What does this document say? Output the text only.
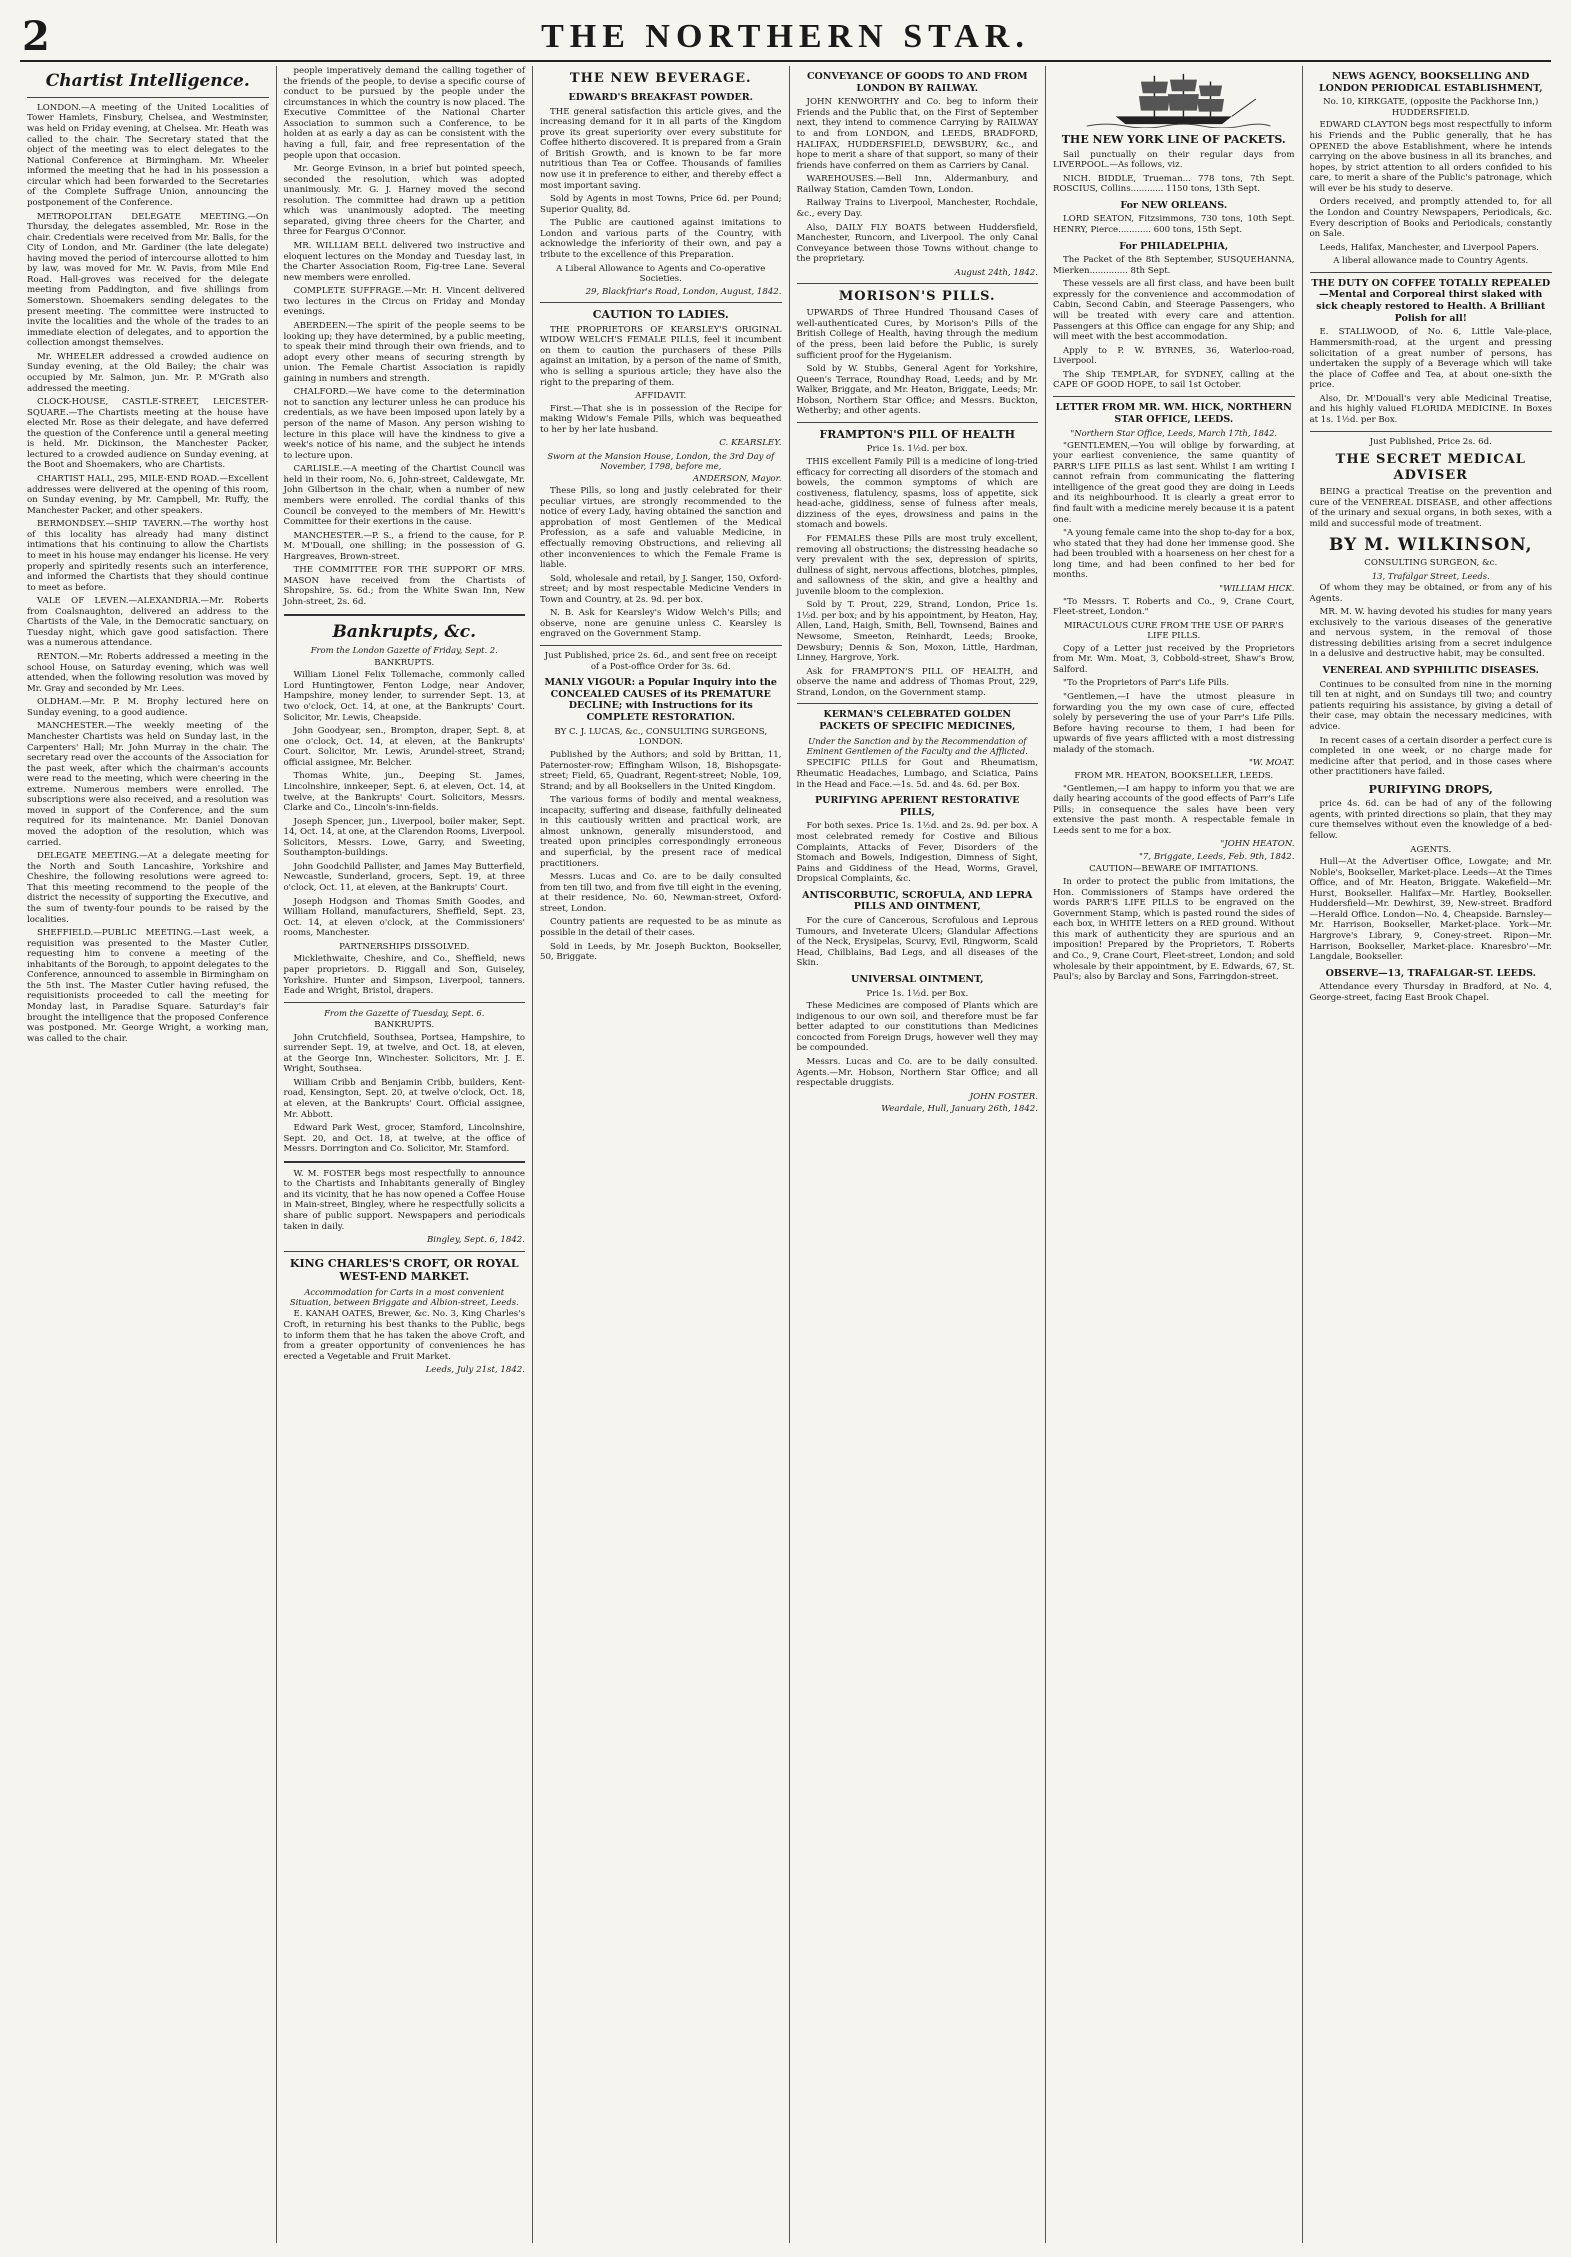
2	THE NORTHERN STAR.
Chartist Intelligence.

LONDON.—A meeting of the United Localities of Tower Hamlets, Finsbury, Chelsea, and Westminster, was held on Friday evening, at Chelsea. Mr. Heath was called to the chair. The Secretary stated that the object of the meeting was to elect delegates to the National Conference at Birmingham. Mr. Wheeler informed the meeting that he had in his possession a circular which had been forwarded to the Secretaries of the Complete Suffrage Union, announcing the postponement of the Conference.

METROPOLITAN DELEGATE MEETING.—On Thursday, the delegates assembled, Mr. Rose in the chair. Credentials were received from Mr. Balls, for the City of London, and Mr. Gardiner (the late delegate) having moved the period of intercourse allotted to him by law, was moved for Mr. W. Pavis, from Mile End Road. Hall-groves was received for the delegate meeting from Paddington, and five shillings from Somerstown. Shoemakers sending delegates to the present meeting. The committee were instructed to invite the localities and the whole of the trades to an immediate election of delegates, and to apportion the collection amongst themselves.

Mr. WHEELER addressed a crowded audience on Sunday evening, at the Old Bailey; the chair was occupied by Mr. Salmon, jun. Mr. P. M'Grath also addressed the meeting.

CLOCK-HOUSE, CASTLE-STREET, LEICESTER-SQUARE.—The Chartists meeting at the house have elected Mr. Rose as their delegate, and have deferred the question of the Conference until a general meeting is held. Mr. Dickinson, the Manchester Packer, lectured to a crowded audience on Sunday evening, at the Boot and Shoemakers, who are Chartists.

CHARTIST HALL, 295, MILE-END ROAD.—Excellent addresses were delivered at the opening of this room, on Sunday evening, by Mr. Campbell, Mr. Ruffy, the Manchester Packer, and other speakers.

BERMONDSEY.—SHIP TAVERN.—The worthy host of this locality has already had many distinct intimations that his continuing to allow the Chartists to meet in his house may endanger his license. He very properly and spiritedly resents such an interference, and informed the Chartists that they should continue to meet as before.

VALE OF LEVEN.—ALEXANDRIA.—Mr. Roberts from Coalsnaughton, delivered an address to the Chartists of the Vale, in the Democratic sanctuary, on Tuesday night, which gave good satisfaction. There was a numerous attendance.

RENTON.—Mr. Roberts addressed a meeting in the school House, on Saturday evening, which was well attended, when the following resolution was moved by Mr. Gray and seconded by Mr. Lees.

OLDHAM.—Mr. P. M. Brophy lectured here on Sunday evening, to a good audience.

MANCHESTER.—The weekly meeting of the Manchester Chartists was held on Sunday last, in the Carpenters' Hall; Mr. John Murray in the chair. The secretary read over the accounts of the Association for the past week, after which the chairman's accounts were read to the meeting, which were cheering in the extreme. Numerous members were enrolled. The subscriptions were also received, and a resolution was moved in support of the Conference, and the sum required for its maintenance. Mr. Daniel Donovan moved the adoption of the resolution, which was carried.

DELEGATE MEETING.—At a delegate meeting for the North and South Lancashire, Yorkshire and Cheshire, the following resolutions were agreed to: That this meeting recommend to the people of the district the necessity of supporting the Executive, and the sum of twenty-four pounds to be raised by the localities.

SHEFFIELD.—PUBLIC MEETING.—Last week, a requisition was presented to the Master Cutler, requesting him to convene a meeting of the inhabitants of the Borough, to appoint delegates to the Conference, announced to assemble in Birmingham on the 5th inst. The Master Cutler having refused, the requisitionists proceeded to call the meeting for Monday last, in Paradise Square. Saturday's fair brought the intelligence that the proposed Conference was postponed. Mr. George Wright, a working man, was called to the chair.

people imperatively demand the calling together of the friends of the people, to devise a specific course of conduct to be pursued by the people under the circumstances in which the country is now placed. The Executive Committee of the National Charter Association to summon such a Conference, to be holden at as early a day as can be consistent with the having a full, fair, and free representation of the people upon that occasion.

Mr. George Evinson, in a brief but pointed speech, seconded the resolution, which was adopted unanimously. Mr. G. J. Harney moved the second resolution. The committee had drawn up a petition which was unanimously adopted. The meeting separated, giving three cheers for the Charter, and three for Feargus O'Connor.

MR. WILLIAM BELL delivered two instructive and eloquent lectures on the Monday and Tuesday last, in the Charter Association Room, Fig-tree Lane. Several new members were enrolled.

COMPLETE SUFFRAGE.—Mr. H. Vincent delivered two lectures in the Circus on Friday and Monday evenings.

ABERDEEN.—The spirit of the people seems to be looking up; they have determined, by a public meeting, to speak their mind through their own friends, and to adopt every other means of securing strength by union. The Female Chartist Association is rapidly gaining in numbers and strength.

CHALFORD.—We have come to the determination not to sanction any lecturer unless he can produce his credentials, as we have been imposed upon lately by a person of the name of Mason. Any person wishing to lecture in this place will have the kindness to give a week's notice of his name, and the subject he intends to lecture upon.

CARLISLE.—A meeting of the Chartist Council was held in their room, No. 6, John-street, Caldewgate, Mr. John Gilbertson in the chair, when a number of new members were enrolled. The cordial thanks of this Council be conveyed to the members of Mr. Hewitt's Committee for their exertions in the cause.

MANCHESTER.—P. S., a friend to the cause, for P. M. M'Douall, one shilling; in the possession of G. Hargreaves, Brown-street.

THE COMMITTEE FOR THE SUPPORT OF MRS. MASON have received from the Chartists of Shropshire, 5s. 6d.; from the White Swan Inn, New John-street, 2s. 6d.

Bankrupts, &c.
From the London Gazette of Friday, Sept. 2.
BANKRUPTS.

William Lionel Felix Tollemache, commonly called Lord Huntingtower, Fenton Lodge, near Andover, Hampshire, money lender, to surrender Sept. 13, at two o'clock, Oct. 14, at one, at the Bankrupts' Court. Solicitor, Mr. Lewis, Cheapside.

John Goodyear, sen., Brompton, draper, Sept. 8, at one o'clock, Oct. 14, at eleven, at the Bankrupts' Court. Solicitor, Mr. Lewis, Arundel-street, Strand; official assignee, Mr. Belcher.

Thomas White, jun., Deeping St. James, Lincolnshire, innkeeper, Sept. 6, at eleven, Oct. 14, at twelve, at the Bankrupts' Court. Solicitors, Messrs. Clarke and Co., Lincoln's-inn-fields.

Joseph Spencer, jun., Liverpool, boiler maker, Sept. 14, Oct. 14, at one, at the Clarendon Rooms, Liverpool. Solicitors, Messrs. Lowe, Garry, and Sweeting, Southampton-buildings.

John Goodchild Pallister, and James May Butterfield, Newcastle, Sunderland, grocers, Sept. 19, at three o'clock, Oct. 11, at eleven, at the Bankrupts' Court.

Joseph Hodgson and Thomas Smith Goodes, and William Holland, manufacturers, Sheffield, Sept. 23, Oct. 14, at eleven o'clock, at the Commissioners' rooms, Manchester.

PARTNERSHIPS DISSOLVED.

Micklethwaite, Cheshire, and Co., Sheffield, news paper proprietors. D. Riggall and Son, Guiseley, Yorkshire. Hunter and Simpson, Liverpool, tanners. Eade and Wright, Bristol, drapers.

From the Gazette of Tuesday, Sept. 6.
BANKRUPTS.

John Crutchfield, Southsea, Portsea, Hampshire, to surrender Sept. 19, at twelve, and Oct. 18, at eleven, at the George Inn, Winchester. Solicitors, Mr. J. E. Wright, Southsea.

William Cribb and Benjamin Cribb, builders, Kent-road, Kensington, Sept. 20, at twelve o'clock, Oct. 18, at eleven, at the Bankrupts' Court. Official assignee, Mr. Abbott.

Edward Park West, grocer, Stamford, Lincolnshire, Sept. 20, and Oct. 18, at twelve, at the office of Messrs. Dorrington and Co. Solicitor, Mr. Stamford.

W. M. FOSTER begs most respectfully to announce to the Chartists and Inhabitants generally of Bingley and its vicinity, that he has now opened a Coffee House in Main-street, Bingley, where he respectfully solicits a share of public support. Newspapers and periodicals taken in daily.

Bingley, Sept. 6, 1842.
KING CHARLES'S CROFT, OR ROYAL WEST-END MARKET.
Accommodation for Carts in a most convenient Situation, between Briggate and Albion-street, Leeds.

E. KANAH OATES, Brewer, &c. No. 3, King Charles's Croft, in returning his best thanks to the Public, begs to inform them that he has taken the above Croft, and from a greater opportunity of conveniences he has erected a Vegetable and Fruit Market.

Leeds, July 21st, 1842.
THE NEW BEVERAGE.
EDWARD'S BREAKFAST POWDER.

THE general satisfaction this article gives, and the increasing demand for it in all parts of the Kingdom prove its great superiority over every substitute for Coffee hitherto discovered. It is prepared from a Grain of British Growth, and is known to be far more nutritious than Tea or Coffee. Thousands of families now use it in preference to either, and thereby effect a most important saving.

Sold by Agents in most Towns, Price 6d. per Pound; Superior Quality, 8d.

The Public are cautioned against imitations to London and various parts of the Country, with acknowledge the inferiority of their own, and pay a tribute to the excellence of this Preparation.

A Liberal Allowance to Agents and Co-operative Societies.
29, Blackfriar's Road, London, August, 1842.
CAUTION TO LADIES.

THE PROPRIETORS OF KEARSLEY'S ORIGINAL WIDOW WELCH'S FEMALE PILLS, feel it incumbent on them to caution the purchasers of these Pills against an imitation, by a person of the name of Smith, who is selling a spurious article; they have also the right to the preparing of them.

AFFIDAVIT.

First.—That she is in possession of the Recipe for making Widow's Female Pills, which was bequeathed to her by her late husband.

C. KEARSLEY.
Sworn at the Mansion House, London, the 3rd Day of November, 1798, before me,
ANDERSON, Mayor.

These Pills, so long and justly celebrated for their peculiar virtues, are strongly recommended to the notice of every Lady, having obtained the sanction and approbation of most Gentlemen of the Medical Profession, as a safe and valuable Medicine, in effectually removing Obstructions, and relieving all other inconveniences to which the Female Frame is liable.

Sold, wholesale and retail, by J. Sanger, 150, Oxford-street; and by most respectable Medicine Venders in Town and Country, at 2s. 9d. per box.

N. B. Ask for Kearsley's Widow Welch's Pills; and observe, none are genuine unless C. Kearsley is engraved on the Government Stamp.

Just Published, price 2s. 6d., and sent free on receipt of a Post-office Order for 3s. 6d.
MANLY VIGOUR: a Popular Inquiry into the CONCEALED CAUSES of its PREMATURE DECLINE; with Instructions for its COMPLETE RESTORATION.
BY C. J. LUCAS, &c., CONSULTING SURGEONS, LONDON.

Published by the Authors; and sold by Brittan, 11, Paternoster-row; Effingham Wilson, 18, Bishopsgate-street; Field, 65, Quadrant, Regent-street; Noble, 109, Strand; and by all Booksellers in the United Kingdom.

The various forms of bodily and mental weakness, incapacity, suffering and disease, faithfully delineated in this cautiously written and practical work, are almost unknown, generally misunderstood, and treated upon principles correspondingly erroneous and superficial, by the present race of medical practitioners.

Messrs. Lucas and Co. are to be daily consulted from ten till two, and from five till eight in the evening, at their residence, No. 60, Newman-street, Oxford-street, London.

Country patients are requested to be as minute as possible in the detail of their cases.

Sold in Leeds, by Mr. Joseph Buckton, Bookseller, 50, Briggate.

CONVEYANCE OF GOODS TO AND FROM LONDON BY RAILWAY.

JOHN KENWORTHY and Co. beg to inform their Friends and the Public that, on the First of September next, they intend to commence Carrying by RAILWAY to and from LONDON, and LEEDS, BRADFORD, HALIFAX, HUDDERSFIELD, DEWSBURY, &c., and hope to merit a share of that support, so many of their friends have conferred on them as Carriers by Canal.

WAREHOUSES.—Bell Inn, Aldermanbury, and Railway Station, Camden Town, London.

Railway Trains to Liverpool, Manchester, Rochdale, &c., every Day.

Also, DAILY FLY BOATS between Huddersfield, Manchester, Runcorn, and Liverpool. The only Canal Conveyance between those Towns without change to the proprietary.

August 24th, 1842.
MORISON'S PILLS.

UPWARDS of Three Hundred Thousand Cases of well-authenticated Cures, by Morison's Pills of the British College of Health, having through the medium of the press, been laid before the Public, is surely sufficient proof for the Hygeianism.

Sold by W. Stubbs, General Agent for Yorkshire, Queen's Terrace, Roundhay Road, Leeds; and by Mr. Walker, Briggate, and Mr. Heaton, Briggate, Leeds; Mr. Hobson, Northern Star Office; and Messrs. Buckton, Wetherby; and other agents.

FRAMPTON'S PILL OF HEALTH
Price 1s. 1½d. per box.

THIS excellent Family Pill is a medicine of long-tried efficacy for correcting all disorders of the stomach and bowels, the common symptoms of which are costiveness, flatulency, spasms, loss of appetite, sick head-ache, giddiness, sense of fulness after meals, dizziness of the eyes, drowsiness and pains in the stomach and bowels.

For FEMALES these Pills are most truly excellent, removing all obstructions; the distressing headache so very prevalent with the sex, depression of spirits, dullness of sight, nervous affections, blotches, pimples, and sallowness of the skin, and give a healthy and juvenile bloom to the complexion.

Sold by T. Prout, 229, Strand, London, Price 1s. 1½d. per box; and by his appointment, by Heaton, Hay, Allen, Land, Haigh, Smith, Bell, Townsend, Baines and Newsome, Smeeton, Reinhardt, Leeds; Brooke, Dewsbury; Dennis & Son, Moxon, Little, Hardman, Linney, Hargrove, York.

Ask for FRAMPTON'S PILL OF HEALTH, and observe the name and address of Thomas Prout, 229, Strand, London, on the Government stamp.

KERMAN'S CELEBRATED GOLDEN PACKETS OF SPECIFIC MEDICINES,
Under the Sanction and by the Recommendation of Eminent Gentlemen of the Faculty and the Afflicted.

SPECIFIC PILLS for Gout and Rheumatism, Rheumatic Headaches, Lumbago, and Sciatica, Pains in the Head and Face.—1s. 5d. and 4s. 6d. per Box.

PURIFYING APERIENT RESTORATIVE PILLS,

For both sexes. Price 1s. 1½d. and 2s. 9d. per box. A most celebrated remedy for Costive and Bilious Complaints, Attacks of Fever, Disorders of the Stomach and Bowels, Indigestion, Dimness of Sight, Pains and Giddiness of the Head, Worms, Gravel, Dropsical Complaints, &c.

ANTISCORBUTIC, SCROFULA, AND LEPRA PILLS AND OINTMENT,

For the cure of Cancerous, Scrofulous and Leprous Tumours, and Inveterate Ulcers; Glandular Affections of the Neck, Erysipelas, Scurvy, Evil, Ringworm, Scald Head, Chilblains, Bad Legs, and all diseases of the Skin.

UNIVERSAL OINTMENT,
Price 1s. 1½d. per Box.

These Medicines are composed of Plants which are indigenous to our own soil, and therefore must be far better adapted to our constitutions than Medicines concocted from Foreign Drugs, however well they may be compounded.

Messrs. Lucas and Co. are to be daily consulted. Agents.—Mr. Hobson, Northern Star Office; and all respectable druggists.

JOHN FOSTER.
Weardale, Hull, January 26th, 1842.
THE NEW YORK LINE OF PACKETS.

Sail punctually on their regular days from LIVERPOOL.—As follows, viz.

NICH. BIDDLE, Trueman... 778 tons, 7th Sept. ROSCIUS, Collins............ 1150 tons, 13th Sept.

For NEW ORLEANS.

LORD SEATON, Fitzsimmons, 730 tons, 10th Sept. HENRY, Pierce............ 600 tons, 15th Sept.

For PHILADELPHIA,

The Packet of the 8th September, SUSQUEHANNA, Mierken.............. 8th Sept.

These vessels are all first class, and have been built expressly for the convenience and accommodation of Cabin, Second Cabin, and Steerage Passengers, who will be treated with every care and attention. Passengers at this Office can engage for any Ship; and will meet with the best accommodation.

Apply to P. W. BYRNES, 36, Waterloo-road, Liverpool.

The Ship TEMPLAR, for SYDNEY, calling at the CAPE OF GOOD HOPE, to sail 1st October.

LETTER FROM MR. WM. HICK, NORTHERN STAR OFFICE, LEEDS.
"Northern Star Office, Leeds, March 17th, 1842.

"GENTLEMEN,—You will oblige by forwarding, at your earliest convenience, the same quantity of PARR'S LIFE PILLS as last sent. Whilst I am writing I cannot refrain from communicating the flattering intelligence of the great good they are doing in Leeds and its neighbourhood. It is clearly a great error to find fault with a medicine merely because it is a patent one.

"A young female came into the shop to-day for a box, who stated that they had done her immense good. She had been troubled with a hoarseness on her chest for a long time, and had been confined to her bed for months.

"WILLIAM HICK.

"To Messrs. T. Roberts and Co., 9, Crane Court, Fleet-street, London."

MIRACULOUS CURE FROM THE USE OF PARR'S LIFE PILLS.

Copy of a Letter just received by the Proprietors from Mr. Wm. Moat, 3, Cobbold-street, Shaw's Brow, Salford.

"To the Proprietors of Parr's Life Pills.

"Gentlemen,—I have the utmost pleasure in forwarding you the my own case of cure, effected solely by persevering the use of your Parr's Life Pills. Before having recourse to them, I had been for upwards of five years afflicted with a most distressing malady of the stomach.

"W. MOAT.
FROM MR. HEATON, BOOKSELLER, LEEDS.

"Gentlemen,—I am happy to inform you that we are daily hearing accounts of the good effects of Parr's Life Pills; in consequence the sales have been very extensive the past month. A respectable female in Leeds sent to me for a box.

"JOHN HEATON.
"7, Briggate, Leeds, Feb. 9th, 1842.
CAUTION—BEWARE OF IMITATIONS.

In order to protect the public from imitations, the Hon. Commissioners of Stamps have ordered the words PARR'S LIFE PILLS to be engraved on the Government Stamp, which is pasted round the sides of each box, in WHITE letters on a RED ground. Without this mark of authenticity they are spurious and an imposition! Prepared by the Proprietors, T. Roberts and Co., 9, Crane Court, Fleet-street, London; and sold wholesale by their appointment, by E. Edwards, 67, St. Paul's; also by Barclay and Sons, Farringdon-street.

NEWS AGENCY, BOOKSELLING AND LONDON PERIODICAL ESTABLISHMENT,
No. 10, KIRKGATE, (opposite the Packhorse Inn,) HUDDERSFIELD.

EDWARD CLAYTON begs most respectfully to inform his Friends and the Public generally, that he has OPENED the above Establishment, where he intends carrying on the above business in all its branches, and hopes, by strict attention to all orders confided to his care, to merit a share of the Public's patronage, which will ever be his study to deserve.

Orders received, and promptly attended to, for all the London and Country Newspapers, Periodicals, &c. Every description of Books and Periodicals, constantly on Sale.

Leeds, Halifax, Manchester, and Liverpool Papers.

A liberal allowance made to Country Agents.
THE DUTY ON COFFEE TOTALLY REPEALED—Mental and Corporeal thirst slaked with sick cheaply restored to Health. A Brilliant Polish for all!

E. STALLWOOD, of No. 6, Little Vale-place, Hammersmith-road, at the urgent and pressing solicitation of a great number of persons, has undertaken the supply of a Beverage which will take the place of Coffee and Tea, at about one-sixth the price.

Also, Dr. M'Douall's very able Medicinal Treatise, and his highly valued FLORIDA MEDICINE. In Boxes at 1s. 1½d. per Box.

Just Published, Price 2s. 6d.
THE SECRET MEDICAL ADVISER

BEING a practical Treatise on the prevention and cure of the VENEREAL DISEASE, and other affections of the urinary and sexual organs, in both sexes, with a mild and successful mode of treatment.

BY M. WILKINSON,
CONSULTING SURGEON, &c.
13, Trafalgar Street, Leeds.

Of whom they may be obtained, or from any of his Agents.

MR. M. W. having devoted his studies for many years exclusively to the various diseases of the generative and nervous system, in the removal of those distressing debilities arising from a secret indulgence in a delusive and destructive habit, may be consulted.

VENEREAL AND SYPHILITIC DISEASES.

Continues to be consulted from nine in the morning till ten at night, and on Sundays till two; and country patients requiring his assistance, by giving a detail of their case, may obtain the necessary medicines, with advice.

In recent cases of a certain disorder a perfect cure is completed in one week, or no charge made for medicine after that period, and in those cases where other practitioners have failed.

PURIFYING DROPS,

price 4s. 6d. can be had of any of the following agents, with printed directions so plain, that they may cure themselves without even the knowledge of a bed-fellow.

AGENTS.

Hull—At the Advertiser Office, Lowgate; and Mr. Noble's, Bookseller, Market-place. Leeds—At the Times Office, and of Mr. Heaton, Briggate. Wakefield—Mr. Hurst, Bookseller. Halifax—Mr. Hartley, Bookseller. Huddersfield—Mr. Dewhirst, 39, New-street. Bradford—Herald Office. London—No. 4, Cheapside. Barnsley—Mr. Harrison, Bookseller, Market-place. York—Mr. Hargrove's Library, 9, Coney-street. Ripon—Mr. Harrison, Bookseller, Market-place. Knaresbro'—Mr. Langdale, Bookseller.

OBSERVE—13, TRAFALGAR-ST. LEEDS.

Attendance every Thursday in Bradford, at No. 4, George-street, facing East Brook Chapel.
